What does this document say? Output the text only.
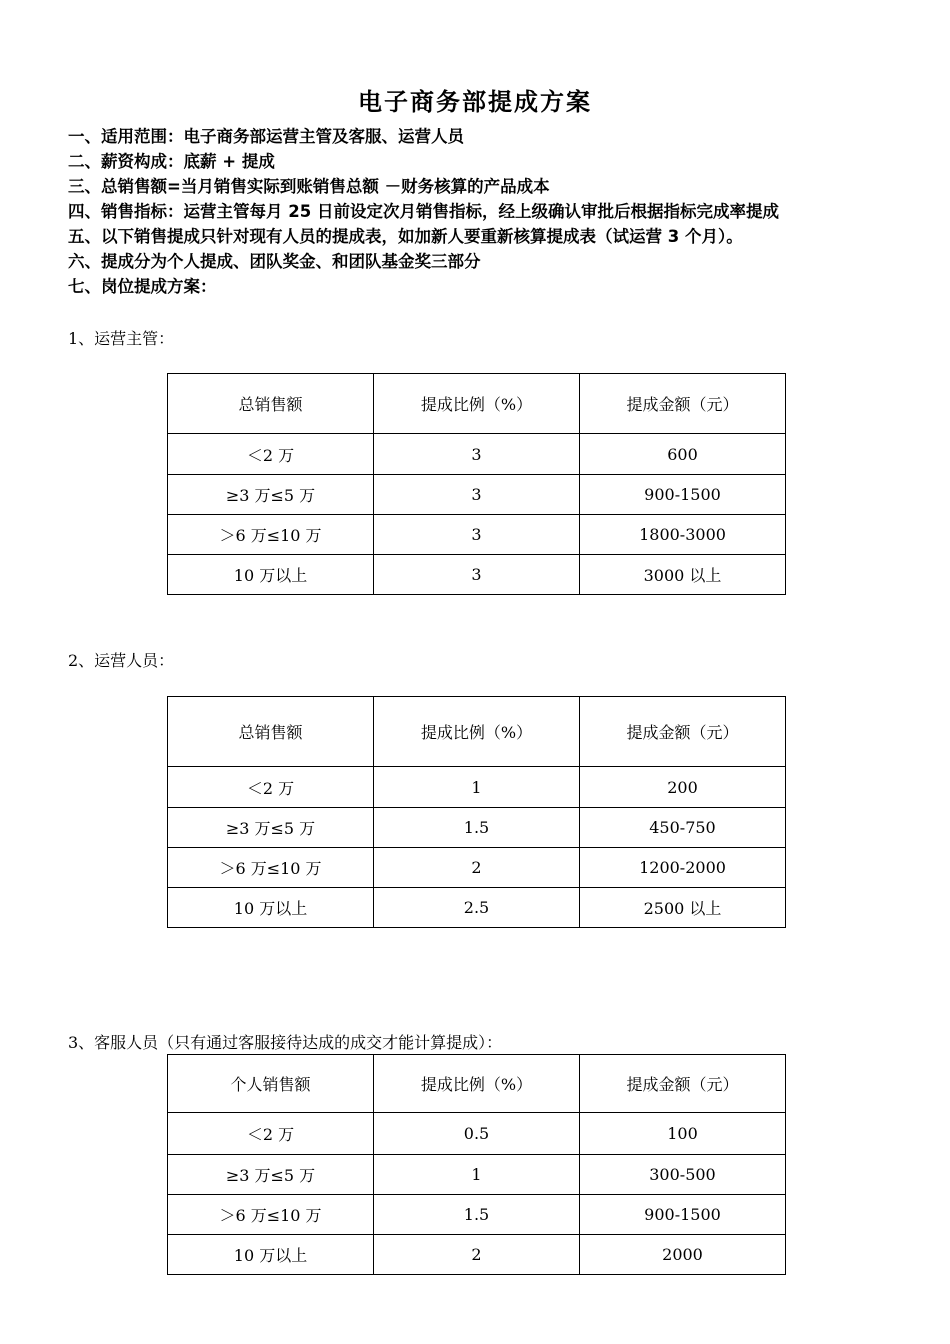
电子商务部提成方案
一、适用范围：电子商务部运营主管及客服、运营人员
二、薪资构成：底薪 + 提成
三、总销售额=当月销售实际到账销售总额 －财务核算的产品成本
四、销售指标：运营主管每月 25 日前设定次月销售指标，经上级确认审批后根据指标完成率提成
五、以下销售提成只针对现有人员的提成表，如加新人要重新核算提成表（试运营 3 个月）。
六、提成分为个人提成、团队奖金、和团队基金奖三部分
七、岗位提成方案：
1、运营主管：
总销售额	提成比例（%）	提成金额（元）
＜2 万	3	600
≥3 万≤5 万	3	900-1500
＞6 万≤10 万	3	1800-3000
10 万以上	3	3000 以上
2、运营人员：
总销售额	提成比例（%）	提成金额（元）
＜2 万	1	200
≥3 万≤5 万	1.5	450-750
＞6 万≤10 万	2	1200-2000
10 万以上	2.5	2500 以上
3、客服人员（只有通过客服接待达成的成交才能计算提成）：
个人销售额	提成比例（%）	提成金额（元）
＜2 万	0.5	100
≥3 万≤5 万	1	300-500
＞6 万≤10 万	1.5	900-1500
10 万以上	2	2000
